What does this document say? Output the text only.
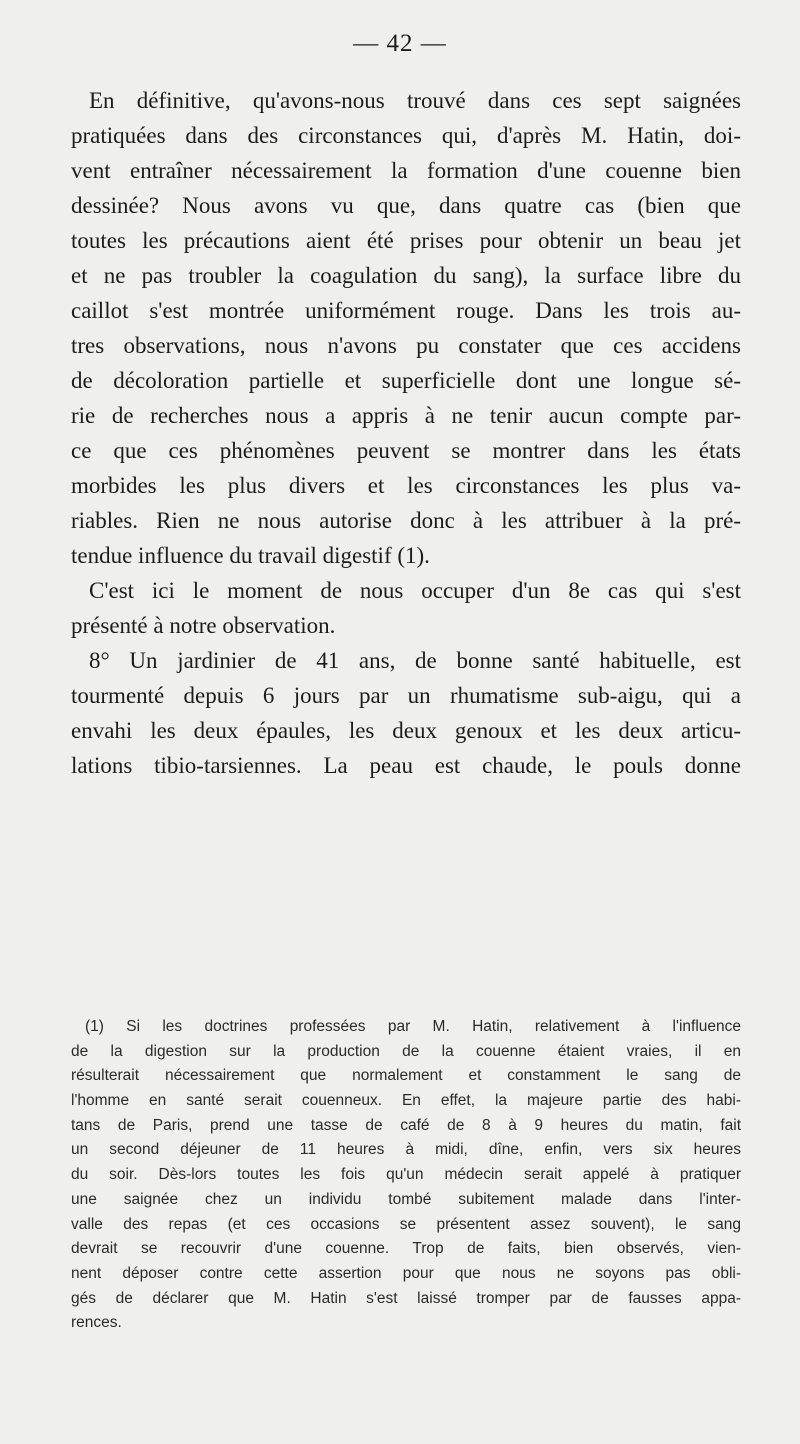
— 42 —
En définitive, qu'avons-nous trouvé dans ces sept saignées
pratiquées dans des circonstances qui, d'après M. Hatin, doi-
vent entraîner nécessairement la formation d'une couenne bien
dessinée? Nous avons vu que, dans quatre cas (bien que
toutes les précautions aient été prises pour obtenir un beau jet
et ne pas troubler la coagulation du sang), la surface libre du
caillot s'est montrée uniformément rouge. Dans les trois au-
tres observations, nous n'avons pu constater que ces accidens
de décoloration partielle et superficielle dont une longue sé-
rie de recherches nous a appris à ne tenir aucun compte par-
ce que ces phénomènes peuvent se montrer dans les états
morbides les plus divers et les circonstances les plus va-
riables. Rien ne nous autorise donc à les attribuer à la pré-
tendue influence du travail digestif (1).
C'est ici le moment de nous occuper d'un 8e cas qui s'est
présenté à notre observation.
8° Un jardinier de 41 ans, de bonne santé habituelle, est
tourmenté depuis 6 jours par un rhumatisme sub-aigu, qui a
envahi les deux épaules, les deux genoux et les deux articu-
lations tibio-tarsiennes. La peau est chaude, le pouls donne
(1) Si les doctrines professées par M. Hatin, relativement à l'influence
de la digestion sur la production de la couenne étaient vraies, il en
résulterait nécessairement que normalement et constamment le sang de
l'homme en santé serait couenneux. En effet, la majeure partie des habi-
tans de Paris, prend une tasse de café de 8 à 9 heures du matin, fait
un second déjeuner de 11 heures à midi, dîne, enfin, vers six heures
du soir. Dès-lors toutes les fois qu'un médecin serait appelé à pratiquer
une saignée chez un individu tombé subitement malade dans l'inter-
valle des repas (et ces occasions se présentent assez souvent), le sang
devrait se recouvrir d'une couenne. Trop de faits, bien observés, vien-
nent déposer contre cette assertion pour que nous ne soyons pas obli-
gés de déclarer que M. Hatin s'est laissé tromper par de fausses appa-
rences.
